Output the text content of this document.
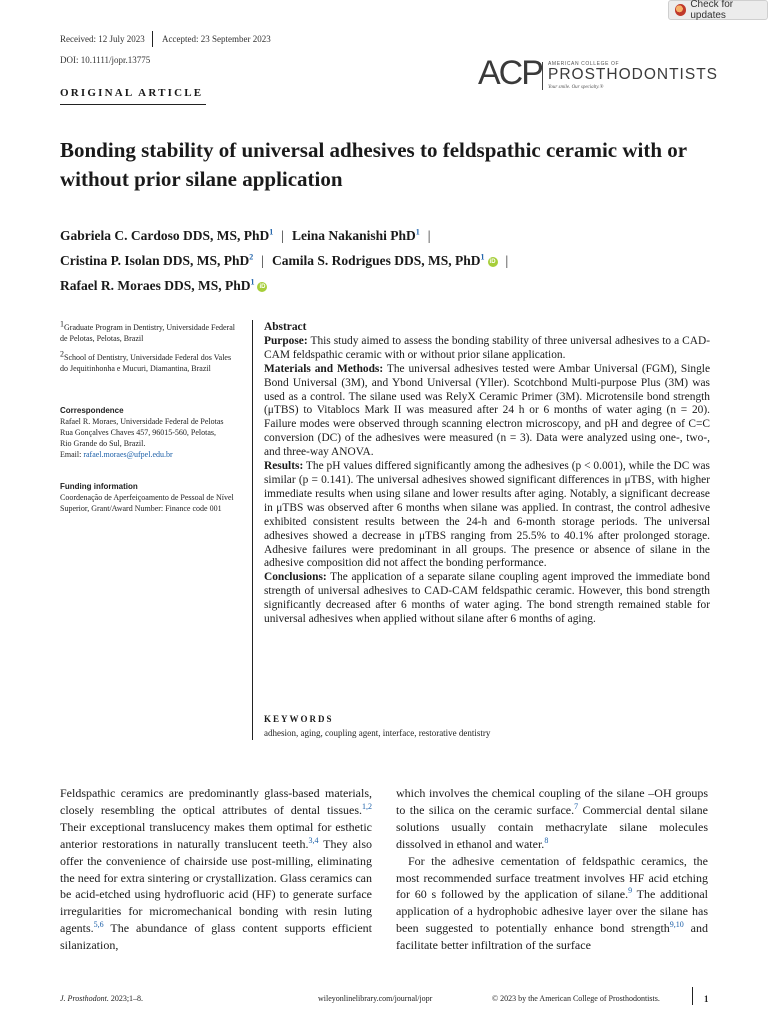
Check for updates
Received: 12 July 2023 Accepted: 23 September 2023
DOI: 10.1111/jopr.13775
ORIGINAL ARTICLE
ACP AMERICAN COLLEGE OF
PROSTHODONTISTS
Your smile. Our specialty.®
Bonding stability of universal adhesives to feldspathic ceramic with or without prior silane application
Gabriela C. Cardoso DDS, MS, PhD$^1$ | Leina Nakanishi PhD$^1$ |
Cristina P. Isolan DDS, MS, PhD$^2$ | Camila S. Rodrigues DDS, MS, PhD$^1$iD |
Rafael R. Moraes DDS, MS, PhD$^1$iD
1Graduate Program in Dentistry, Universidade Federal de Pelotas, Pelotas, Brazil
2School of Dentistry, Universidade Federal dos Vales do Jequitinhonha e Mucuri, Diamantina, Brazil
Correspondence
Rafael R. Moraes, Universidade Federal de Pelotas
Rua Gonçalves Chaves 457, 96015-560, Pelotas,
Rio Grande do Sul, Brazil.
Email: rafael.moraes@ufpel.edu.br
Funding information
Coordenação de Aperfeiçoamento de Pessoal de Nível Superior, Grant/Award Number: Finance code 001

Abstract

Purpose: This study aimed to assess the bonding stability of three universal adhesives to a CAD-CAM feldspathic ceramic with or without prior silane application.

Materials and Methods: The universal adhesives tested were Ambar Universal (FGM), Single Bond Universal (3M), and Ybond Universal (Yller). Scotchbond Multi-purpose Plus (3M) was used as a control. The silane used was RelyX Ceramic Primer (3M). Microtensile bond strength (μTBS) to Vitablocs Mark II was measured after 24 h or 6 months of water aging (n = 20). Failure modes were observed through scanning electron microscopy, and pH and degree of C=C conversion (DC) of the adhesives were measured (n = 3). Data were analyzed using one-, two-, and three-way ANOVA.

Results: The pH values differed significantly among the adhesives (p < 0.001), while the DC was similar (p = 0.141). The universal adhesives showed significant differences in μTBS, with higher immediate results when using silane and lower results after aging. Notably, a significant decrease in μTBS was observed after 6 months when silane was applied. In contrast, the control adhesive exhibited consistent results between the 24-h and 6-month storage periods. The universal adhesives showed a decrease in μTBS ranging from 25.5% to 40.1% after prolonged storage. Adhesive failures were predominant in all groups. The presence or absence of silane in the adhesive composition did not affect the bonding performance.

Conclusions: The application of a separate silane coupling agent improved the immediate bond strength of universal adhesives to CAD-CAM feldspathic ceramic. However, this bond strength significantly decreased after 6 months of water aging. The bond strength remained stable for universal adhesives when applied without silane after 6 months of aging.

KEYWORDS
adhesion, aging, coupling agent, interface, restorative dentistry

Feldspathic ceramics are predominantly glass-based materials, closely resembling the optical attributes of dental tissues.$^{1,2}$ Their exceptional translucency makes them optimal for esthetic anterior restorations in naturally translucent teeth.$^{3,4}$ They also offer the convenience of chairside use post-milling, eliminating the need for extra sintering or crystallization. Glass ceramics can be acid-etched using hydrofluoric acid (HF) to generate surface irregularities for micromechanical bonding with resin luting agents.$^{5,6}$ The abundance of glass content supports efficient silanization,

which involves the chemical coupling of the silane –OH groups to the silica on the ceramic surface.$^7$ Commercial dental silane solutions usually contain methacrylate silane molecules dissolved in ethanol and water.$^8$

For the adhesive cementation of feldspathic ceramics, the most recommended surface treatment involves HF acid etching for 60 s followed by the application of silane.$^9$ The additional application of a hydrophobic adhesive layer over the silane has been suggested to potentially enhance bond strength$^{9,10}$ and facilitate better infiltration of the surface

J. Prosthodont. 2023;1–8.	wileyonlinelibrary.com/journal/jopr	© 2023 by the American College of Prosthodontists.	1
